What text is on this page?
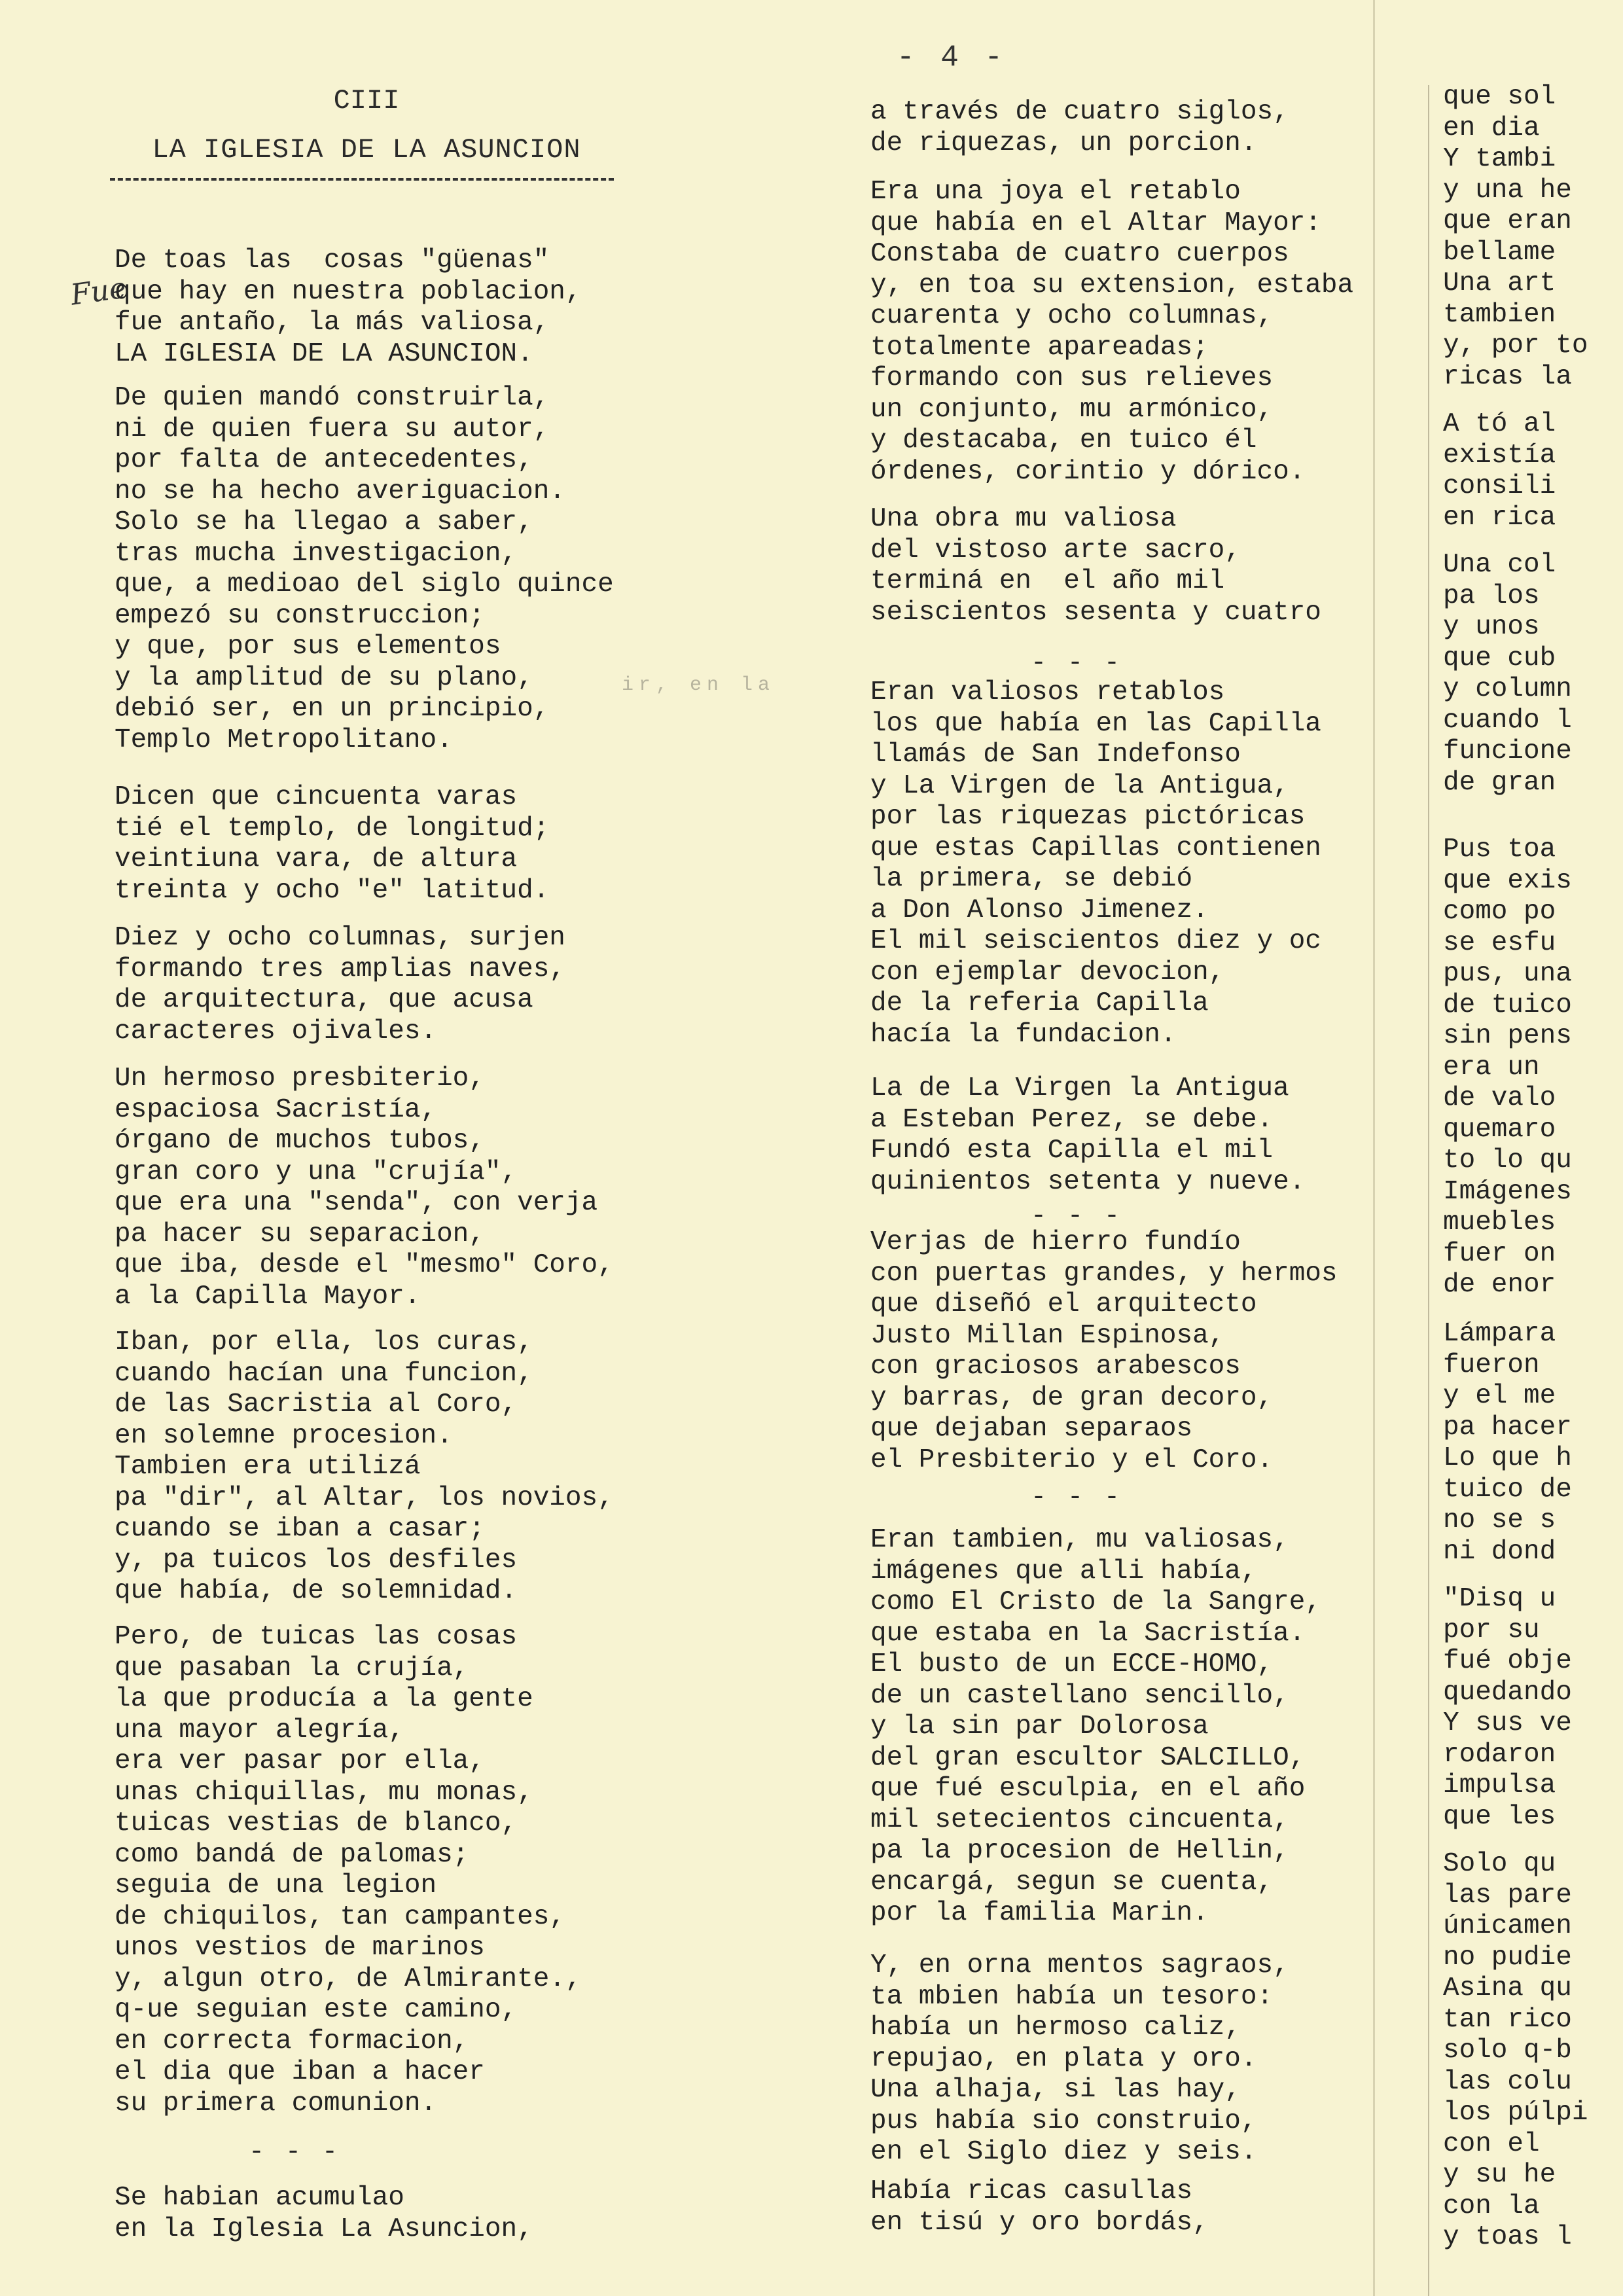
- 4 -
CIII
LA IGLESIA DE LA ASUNCION
Fue
ir, en la
De toas las  cosas "güenas"
que hay en nuestra poblacion,
fue antaño, la más valiosa,
LA IGLESIA DE LA ASUNCION.
De quien mandó construirla,
ni de quien fuera su autor,
por falta de antecedentes,
no se ha hecho averiguacion.
Solo se ha llegao a saber,
tras mucha investigacion,
que, a medioao del siglo quince
empezó su construccion;
y que, por sus elementos
y la amplitud de su plano,
debió ser, en un principio,
Templo Metropolitano.
Dicen que cincuenta varas
tié el templo, de longitud;
veintiuna vara, de altura
treinta y ocho "e" latitud.
Diez y ocho columnas, surjen
formando tres amplias naves,
de arquitectura, que acusa
caracteres ojivales.
Un hermoso presbiterio,
espaciosa Sacristía,
órgano de muchos tubos,
gran coro y una "crujía",
que era una "senda", con verja
pa hacer su separacion,
que iba, desde el "mesmo" Coro,
a la Capilla Mayor.
Iban, por ella, los curas,
cuando hacían una funcion,
de las Sacristia al Coro,
en solemne procesion.
Tambien era utilizá
pa "dir", al Altar, los novios,
cuando se iban a casar;
y, pa tuicos los desfiles
que había, de solemnidad.
Pero, de tuicas las cosas
que pasaban la crujía,
la que producía a la gente
una mayor alegría,
era ver pasar por ella,
unas chiquillas, mu monas,
tuicas vestias de blanco,
como bandá de palomas;
seguia de una legion
de chiquilos, tan campantes,
unos vestios de marinos
y, algun otro, de Almirante.,
q-ue seguian este camino,
en correcta formacion,
el dia que iban a hacer
su primera comunion.
- - -
Se habian acumulao
en la Iglesia La Asuncion,
a través de cuatro siglos,
de riquezas, un porcion.
Era una joya el retablo
que había en el Altar Mayor:
Constaba de cuatro cuerpos
y, en toa su extension, estaba
cuarenta y ocho columnas,
totalmente apareadas;
formando con sus relieves
un conjunto, mu armónico,
y destacaba, en tuico él
órdenes, corintio y dórico.
Una obra mu valiosa
del vistoso arte sacro,
terminá en  el año mil
seiscientos sesenta y cuatro
- - -
Eran valiosos retablos
los que había en las Capilla
llamás de San Indefonso
y La Virgen de la Antigua,
por las riquezas pictóricas
que estas Capillas contienen
la primera, se debió
a Don Alonso Jimenez.
El mil seiscientos diez y oc
con ejemplar devocion,
de la referia Capilla
hacía la fundacion.
La de La Virgen la Antigua
a Esteban Perez, se debe.
Fundó esta Capilla el mil
quinientos setenta y nueve.
- - -
Verjas de hierro fundío
con puertas grandes, y hermos
que diseñó el arquitecto
Justo Millan Espinosa,
con graciosos arabescos
y barras, de gran decoro,
que dejaban separaos
el Presbiterio y el Coro.
- - -
Eran tambien, mu valiosas,
imágenes que alli había,
como El Cristo de la Sangre,
que estaba en la Sacristía.
El busto de un ECCE-HOMO,
de un castellano sencillo,
y la sin par Dolorosa
del gran escultor SALCILLO,
que fué esculpia, en el año
mil setecientos cincuenta,
pa la procesion de Hellin,
encargá, segun se cuenta,
por la familia Marin.
Y, en orna mentos sagraos,
ta mbien había un tesoro:
había un hermoso caliz,
repujao, en plata y oro.
Una alhaja, si las hay,
pus había sio construio,
en el Siglo diez y seis.
Había ricas casullas
en tisú y oro bordás,
que sol
en dia
Y tambi
y una he
que eran
bellame
Una art
tambien
y, por to
ricas la
A tó al
existía
consili
en rica
Una col
pa los
y unos
que cub
y column
cuando l
funcione
de gran
Pus toa
que exis
como po
se esfu
pus, una
de tuico
sin pens
era un
de valo
quemaro
to lo qu
Imágenes
muebles
fuer on
de enor
Lámpara
fueron
y el me
pa hacer
Lo que h
tuico de
no se s
ni dond
"Disq u
por su
fué obje
quedando
Y sus ve
rodaron
impulsa
que les
Solo qu
las pare
únicamen
no pudie
Asina qu
tan rico
solo q-b
las colu
los púlpi
con el
y su he
con la
y toas l
